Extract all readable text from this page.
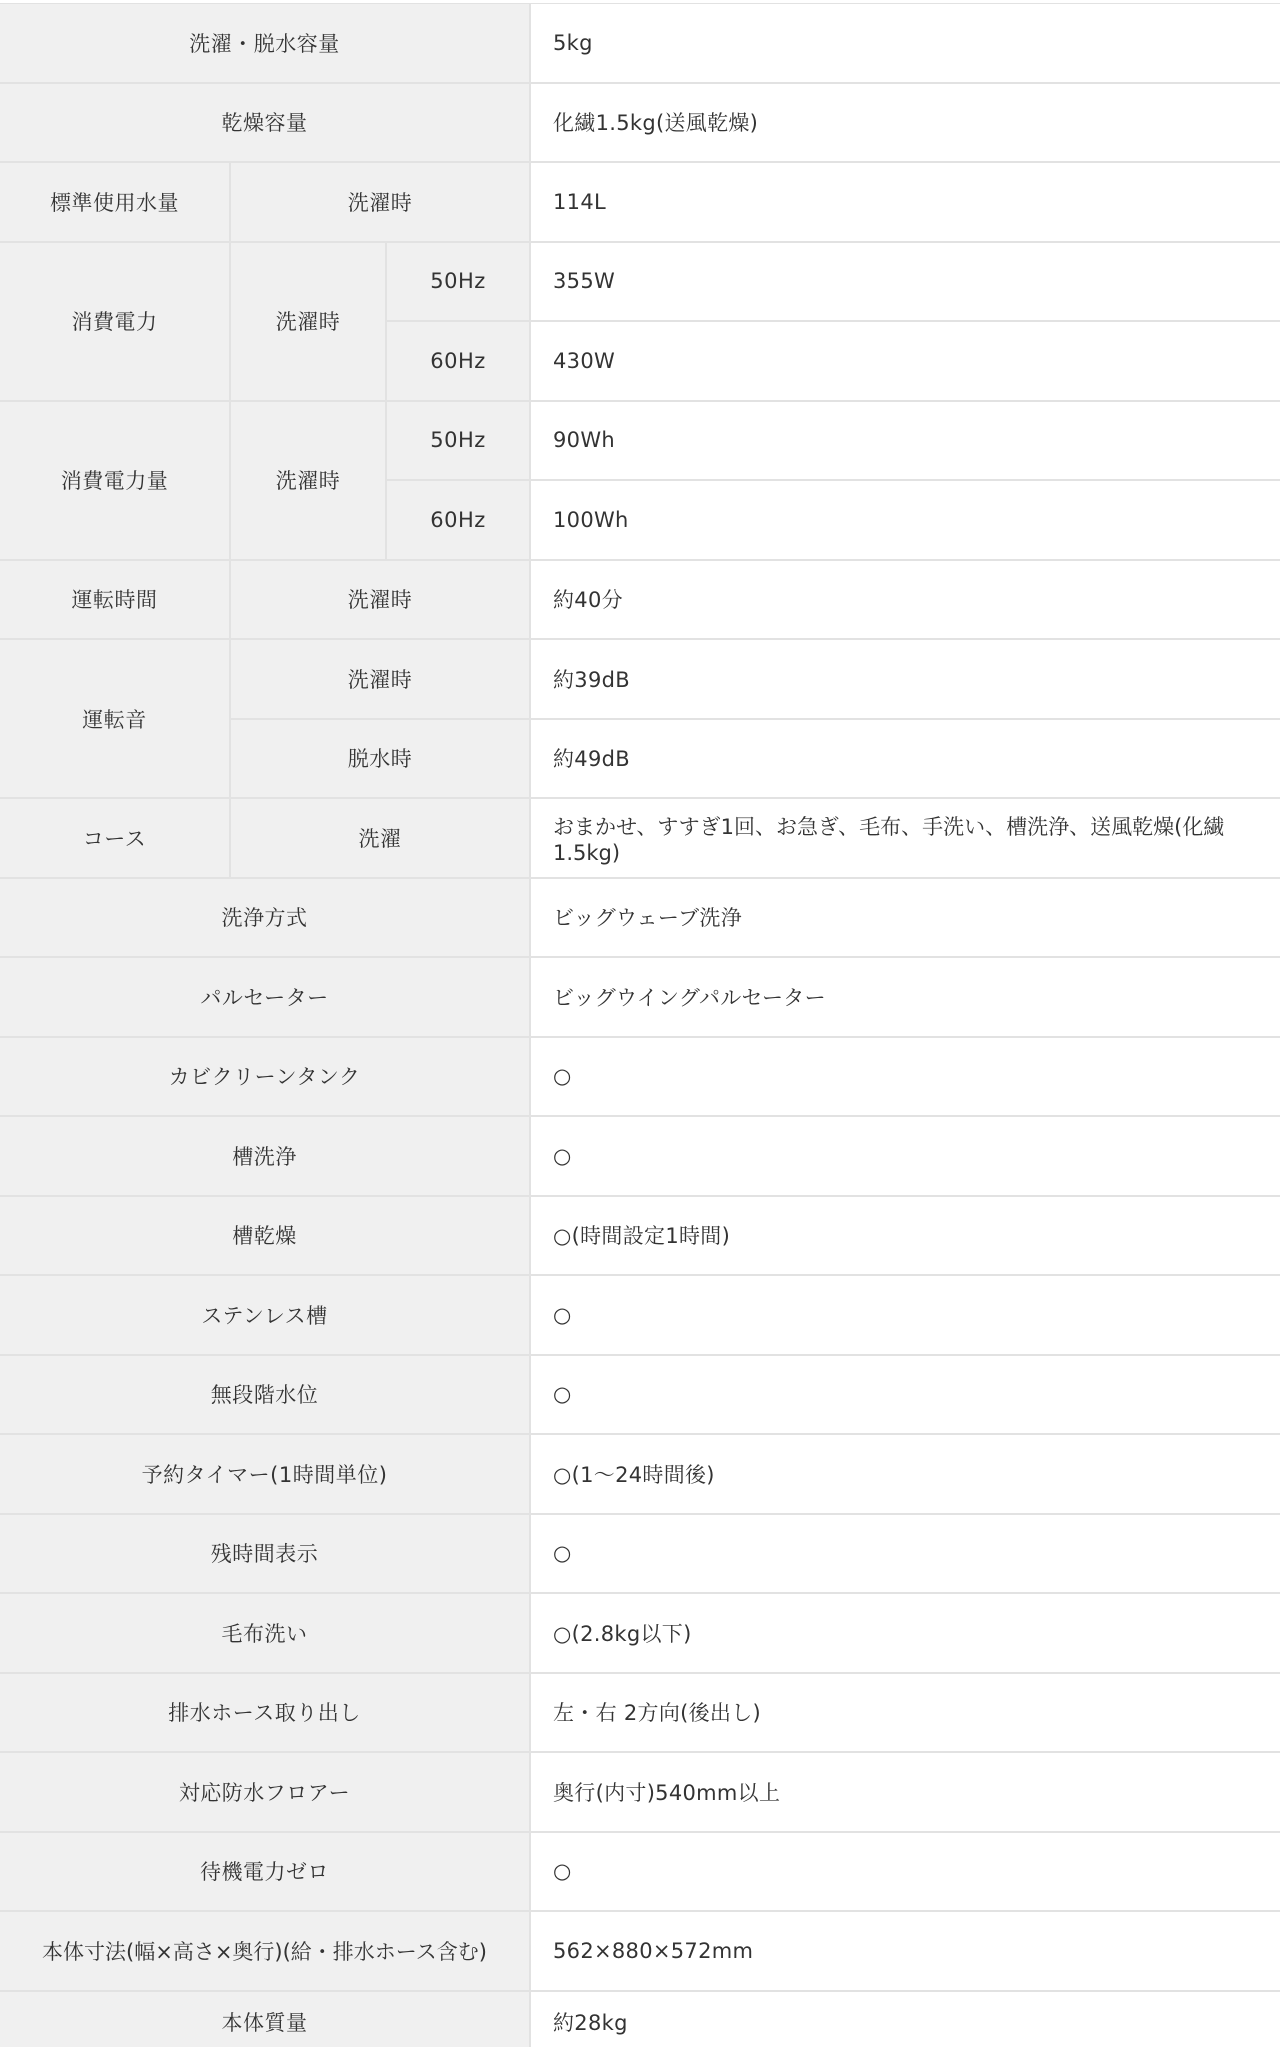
洗濯・脱水容量	5kg
乾燥容量	化繊1.5kg(送風乾燥)
標準使用水量	洗濯時	114L
消費電力	洗濯時
50Hz	355W
60Hz	430W
消費電力量	洗濯時
50Hz	90Wh
60Hz	100Wh
運転時間	洗濯時	約40分
運転音
洗濯時	約39dB
脱水時	約49dB
コース	洗濯	おまかせ、すすぎ1回、お急ぎ、毛布、手洗い、槽洗浄、送風乾燥(化繊1.5kg)
洗浄方式	ビッグウェーブ洗浄
パルセーター	ビッグウイングパルセーター
カビクリーンタンク	○
槽洗浄	○
槽乾燥	○(時間設定1時間)
ステンレス槽	○
無段階水位	○
予約タイマー(1時間単位)	○(1～24時間後)
残時間表示	○
毛布洗い	○(2.8kg以下)
排水ホース取り出し	左・右 2方向(後出し)
対応防水フロアー	奥行(内寸)540mm以上
待機電力ゼロ	○
本体寸法(幅×高さ×奥行)(給・排水ホース含む)	562×880×572mm
本体質量	約28kg
